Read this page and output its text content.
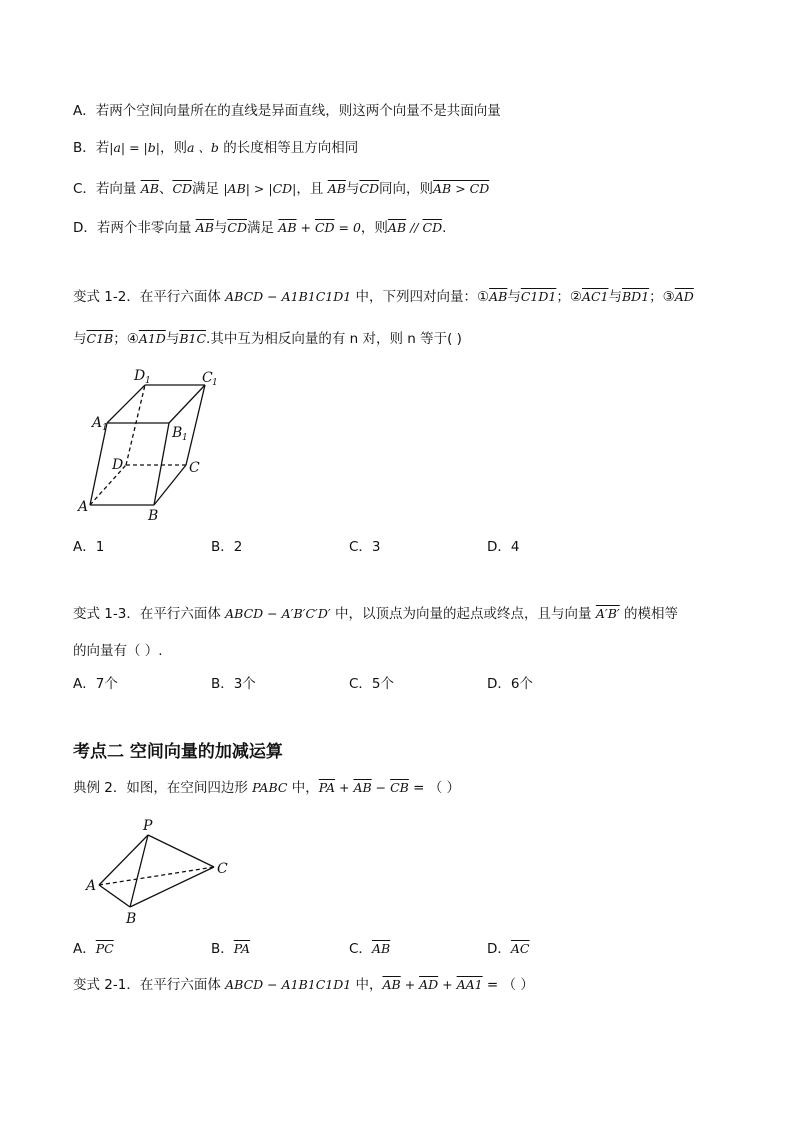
A．若两个空间向量所在的直线是异面直线，则这两个向量不是共面向量
B．若|a| = |b|，则a 、b 的长度相等且方向相同
C．若向量 $\overline{AB}$、$\overline{CD}$满足 |AB| > |CD|，且 $\overline{AB}$与$\overline{CD}$同向，则AB > CD
D．若两个非零向量 $\overline{AB}$与$\overline{CD}$满足 $\overline{AB} + \overline{CD} = 0$，则$\overline{AB} // \overline{CD}$.
变式 1-2．在平行六面体 ABCD − A1B1C1D1 中，下列四对向量：$①\overline{AB}$与C1D1；②AC1与BD1；$③\overline{AD}$
与C1B；④A1D与B1C.其中互为相反向量的有 n 对，则 n 等于( )
A
B
C
D
A 1	B 1
C 1
D 1
A．1	B．2	C．3	D．4
变式 1-3．在平行六面体 ABCD − A′B′C′D′ 中，以顶点为向量的起点或终点，且与向量 A′B′ 的模相等
的向量有（ ）.
A．7个	B．3个	C．5个	D．6个
考点二 空间向量的加减运算
典例 2．如图，在空间四边形 PABC 中，$\overline{PA} + \overline{AB} - \overline{CB}$ = （ ）
P
A
B
C
A．$\overline{PC}$	B．$\overline{PA}$	C．$\overline{AB}$	D．$\overline{AC}$
变式 2-1．在平行六面体 ABCD − A1B1C1D1 中，$\overline{AB} + \overline{AD} + AA1$ = （ ）
